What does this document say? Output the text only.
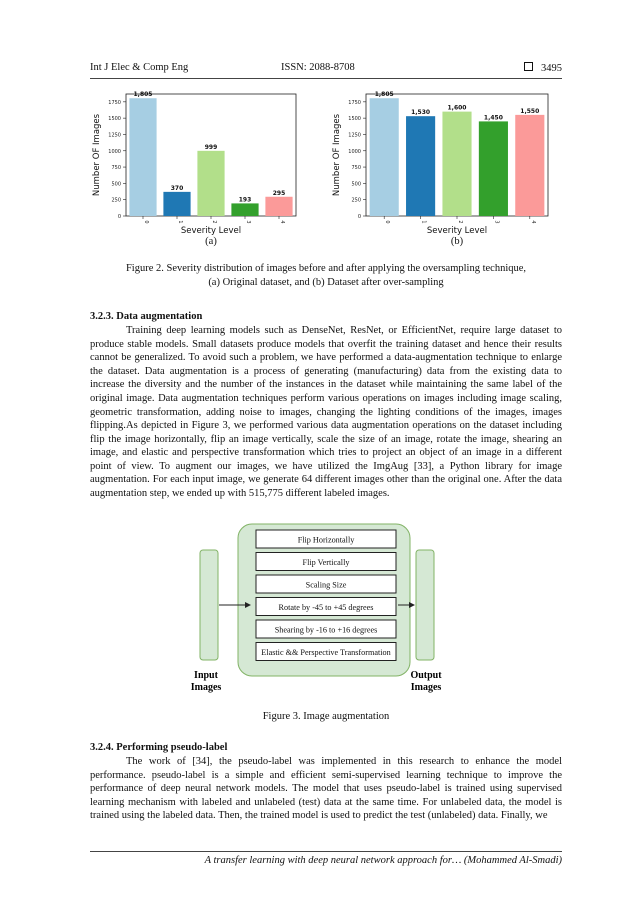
Int J Elec & Comp Eng	ISSN: 2088-8708	3495
0
250
500
750
1000
1250
1500
1750
1,805
0
370
1
999
2
193
3
295
4
Severity Level
Number OF Images
(a)
0
250
500
750
1000
1250
1500
1750
1,805
0
1,530
1
1,600
2
1,450
3
1,550
4
Severity Level
Number OF Images
(b)
Figure 2. Severity distribution of images before and after applying the oversampling technique,
(a) Original dataset, and (b) Dataset after over-sampling
3.2.3. Data augmentation

Training deep learning models such as DenseNet, ResNet, or EfficientNet, require large dataset to produce stable models. Small datasets produce models that overfit the training dataset and hence their results cannot be generalized. To avoid such a problem, we have performed a data-augmentation technique to enlarge the dataset. Data augmentation is a process of generating (manufacturing) data from the existing data to increase the diversity and the number of the instances in the dataset while maintaining the same label of the original image. Data augmentation techniques perform various operations on images including image scaling, geometric transformation, adding noise to images, changing the lighting conditions of the images, images flipping. As depicted in Figure 3, we performed various data augmentation operations on the dataset including flip the image horizontally, flip an image vertically, scale the size of an image, rotate the image, shearing an image, and elastic and perspective transformation which tries to project an object of an image in a different point of view. To augment our images, we have utilized the ImgAug [33], a Python library for image augmentation. For each input image, we generate 64 different images other than the original one. After the data augmentation step, we ended up with 515,775 different labeled images.

Flip Horizontally
Flip Vertically
Scaling Size
Rotate by -45 to +45 degrees
Shearing by -16 to +16 degrees
Elastic && Perspective Transformation
Input
Images
Output
Images
Figure 3. Image augmentation
3.2.4. Performing pseudo-label

The work of [34], the pseudo-label was implemented in this research to enhance the model performance. pseudo-label is a simple and efficient semi-supervised learning technique to improve the performance of deep neural network models. The model that uses pseudo-label is trained using supervised learning mechanism with labeled and unlabeled (test) data at the same time. For unlabeled data, the model is trained using the labeled data. Then, the trained model is used to predict the test (unlabeled) data. Finally, we

A transfer learning with deep neural network approach for… (Mohammed Al-Smadi)
